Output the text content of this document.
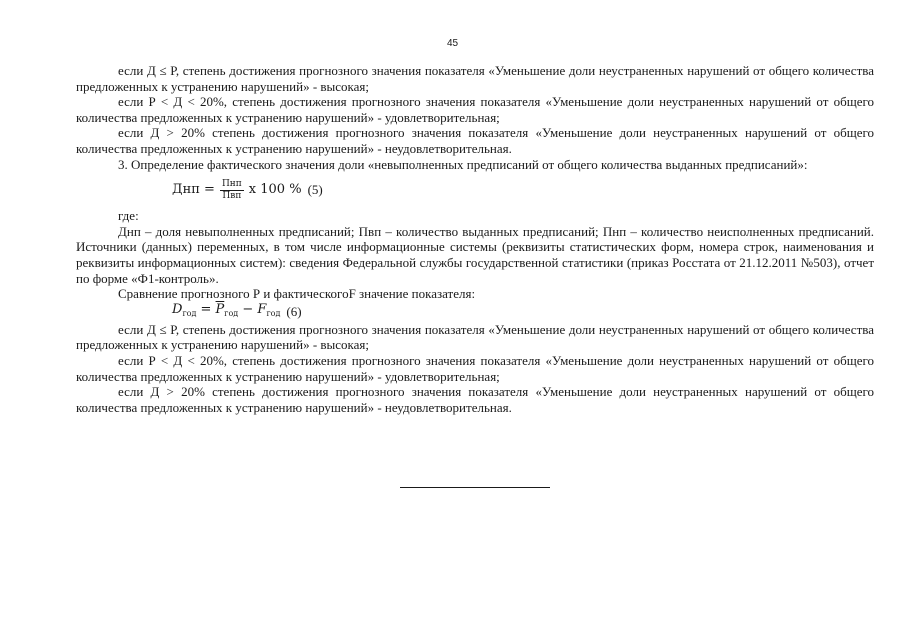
45

если Д ≤ Р, степень достижения прогнозного значения показателя «Уменьшение доли неустраненных нарушений от общего количества предложенных к устранению нарушений» - высокая;

если Р < Д < 20%, степень достижения прогнозного значения показателя «Уменьшение доли неустраненных нарушений от общего количества предложенных к устранению нарушений» - удовлетворительная;

если Д > 20% степень достижения прогнозного значения показателя «Уменьшение доли неустраненных нарушений от общего количества предложенных к устранению нарушений» - неудовлетворительная.

3. Определение фактического значения доли «невыполненных предписаний от общего количества выданных предписаний»:

Днп = $\frac{\text{Пнп}}{\text{Пвп}}$ х 100 % (5)

где:

Днп – доля невыполненных предписаний; Пвп – количество выданных предписаний; Пнп – количество неисполненных предписаний. Источники (данных) переменных, в том числе информационные системы (реквизиты статистических форм, номера строк, наименования и реквизиты информационных систем): сведения Федеральной службы государственной статистики (приказ Росстата от 21.12.2011 №503), отчет по форме «Ф1-контроль».

Сравнение прогнозного Р и фактическогоF значение показателя:

$D_{год} = \overline{P}_{год} - F_{год}$ (6)

если Д ≤ Р, степень достижения прогнозного значения показателя «Уменьшение доли неустраненных нарушений от общего количества предложенных к устранению нарушений» - высокая;

если Р < Д < 20%, степень достижения прогнозного значения показателя «Уменьшение доли неустраненных нарушений от общего количества предложенных к устранению нарушений» - удовлетворительная;

если Д > 20% степень достижения прогнозного значения показателя «Уменьшение доли неустраненных нарушений от общего количества предложенных к устранению нарушений» - неудовлетворительная.
